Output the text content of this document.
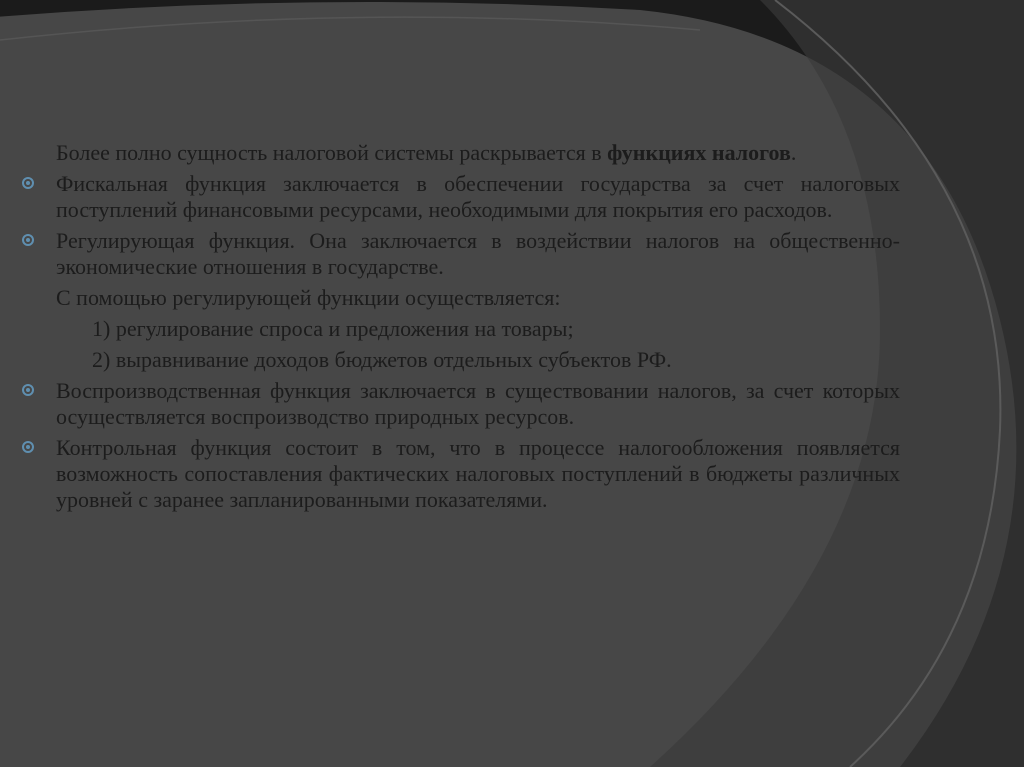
Более полно сущность налоговой системы раскрывается в функциях налогов.
Фискальная функция заключается в обеспечении государства за счет налоговых поступлений финансовыми ресурсами, необходимыми для покрытия его расходов.
Регулирующая функция. Она заключается в воздействии налогов на общественно-экономические отношения в государстве.
С помощью регулирующей функции осуществляется:
1) регулирование спроса и предложения на товары;
2) выравнивание доходов бюджетов отдельных субъектов РФ.
Воспроизводственная функция заключается в существовании налогов, за счет которых осуществляется воспроизводство природных ресурсов.
Контрольная функция состоит в том, что в процессе налогообложения появляется возможность сопоставления фактических налоговых поступлений в бюджеты различных уровней с заранее запланированными показателями.
